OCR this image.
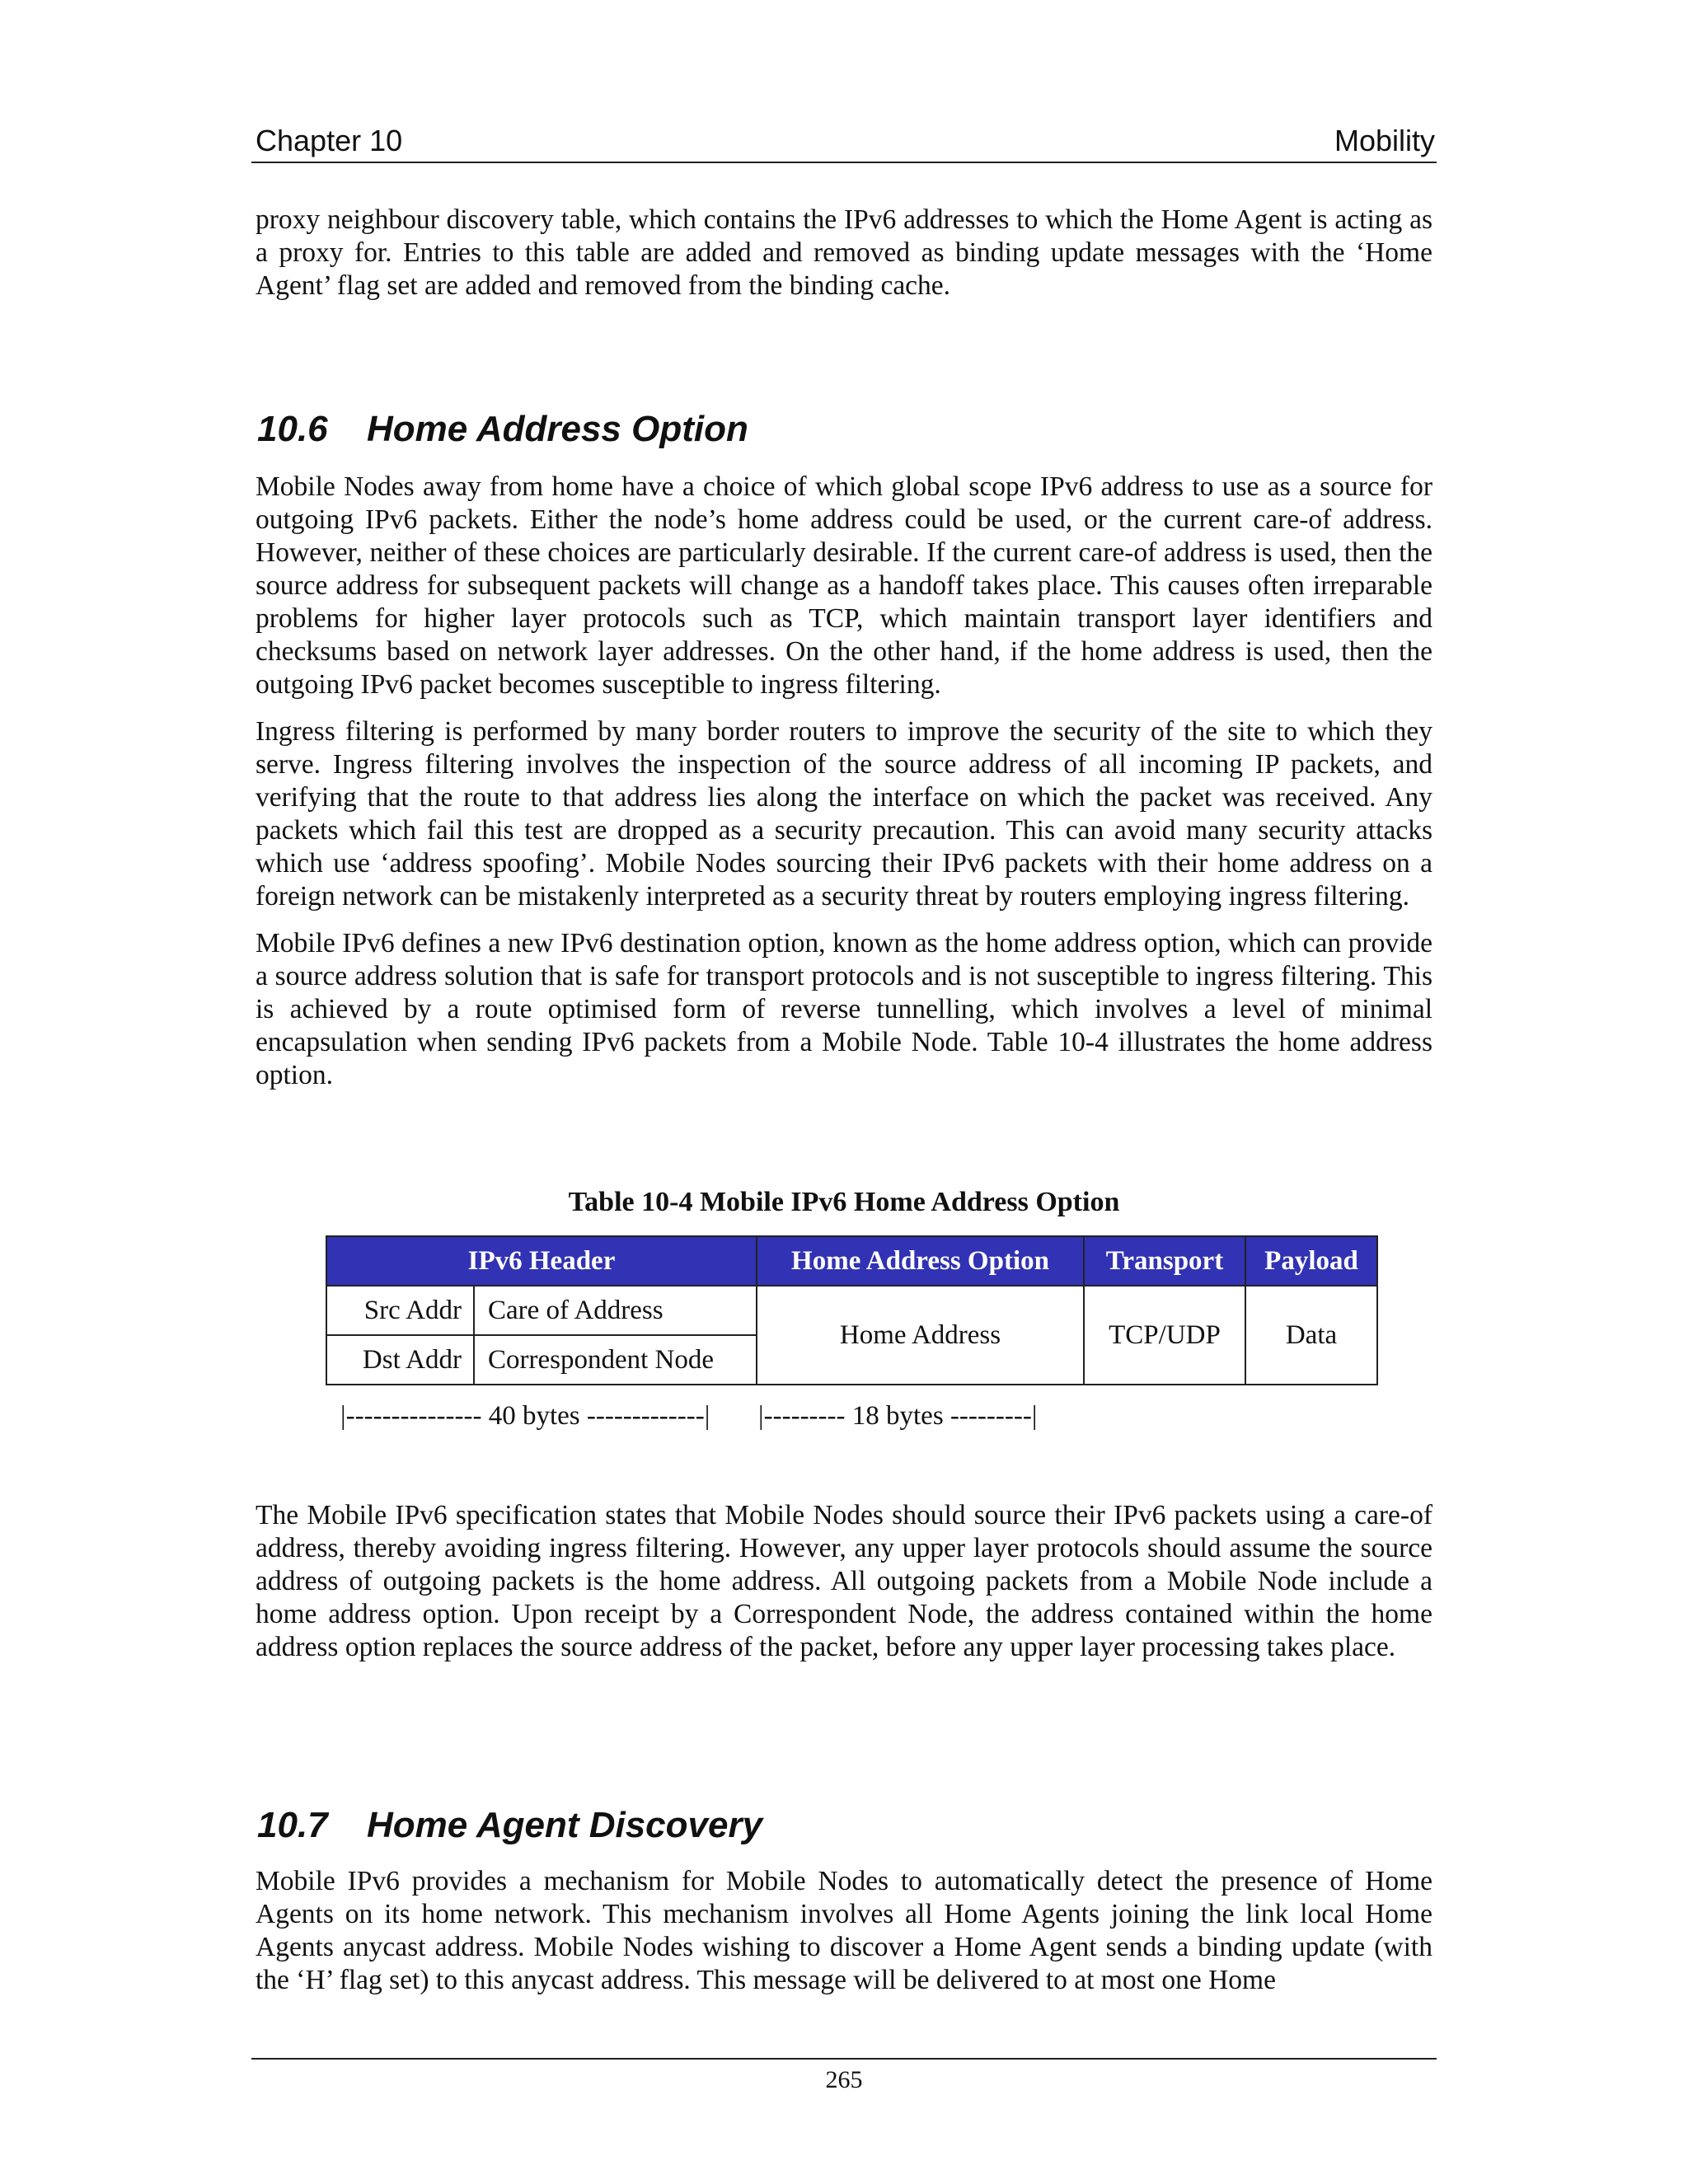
Chapter 10	Mobility

proxy neighbour discovery table, which contains the IPv6 addresses to which the Home Agent is acting as a proxy for. Entries to this table are added and removed as binding update messages with the ‘Home Agent’ flag set are added and removed from the binding cache.

10.6 Home Address Option

Mobile Nodes away from home have a choice of which global scope IPv6 address to use as a source for outgoing IPv6 packets. Either the node’s home address could be used, or the current care-of address. However, neither of these choices are particularly desirable. If the current care-of address is used, then the source address for subsequent packets will change as a handoff takes place. This causes often irreparable problems for higher layer protocols such as TCP, which maintain transport layer identifiers and checksums based on network layer addresses. On the other hand, if the home address is used, then the outgoing IPv6 packet becomes susceptible to ingress filtering.

Ingress filtering is performed by many border routers to improve the security of the site to which they serve. Ingress filtering involves the inspection of the source address of all incoming IP packets, and verifying that the route to that address lies along the interface on which the packet was received. Any packets which fail this test are dropped as a security precaution. This can avoid many security attacks which use ‘address spoofing’. Mobile Nodes sourcing their IPv6 packets with their home address on a foreign network can be mistakenly interpreted as a security threat by routers employing ingress filtering.

Mobile IPv6 defines a new IPv6 destination option, known as the home address option, which can provide a source address solution that is safe for transport protocols and is not susceptible to ingress filtering. This is achieved by a route optimised form of reverse tunnelling, which involves a level of minimal encapsulation when sending IPv6 packets from a Mobile Node. Table 10-4 illustrates the home address option.

Table 10-4 Mobile IPv6 Home Address Option
IPv6 Header		Home Address Option	Transport	Payload
Src Addr	Care of Address	Home Address	TCP/UDP	Data
Dst Addr	Correspondent Node			
|--------------- 40 bytes -------------| |--------- 18 bytes ---------|

The Mobile IPv6 specification states that Mobile Nodes should source their IPv6 packets using a care-of address, thereby avoiding ingress filtering. However, any upper layer protocols should assume the source address of outgoing packets is the home address. All outgoing packets from a Mobile Node include a home address option. Upon receipt by a Correspondent Node, the address contained within the home address option replaces the source address of the packet, before any upper layer processing takes place.

10.7 Home Agent Discovery

Mobile IPv6 provides a mechanism for Mobile Nodes to automatically detect the presence of Home Agents on its home network. This mechanism involves all Home Agents joining the link local Home Agents anycast address. Mobile Nodes wishing to discover a Home Agent sends a binding update (with the ‘H’ flag set) to this anycast address. This message will be delivered to at most one Home

265
